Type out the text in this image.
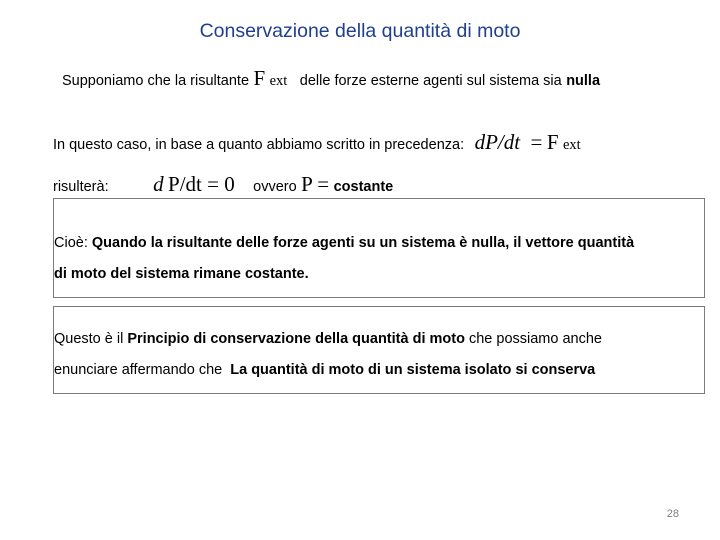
Conservazione della quantità di moto
Supponiamo che la risultante F ext delle forze esterne agenti sul sistema sia nulla
In questo caso, in base a quanto abbiamo scritto in precedenza: dP/dt = F ext
risulterà: d P/dt = 0 ovvero P = costante
Cioè: Quando la risultante delle forze agenti su un sistema è nulla, il vettore quantità
di moto del sistema rimane costante.
Questo è il Principio di conservazione della quantità di moto che possiamo anche
enunciare affermando che La quantità di moto di un sistema isolato si conserva
28
